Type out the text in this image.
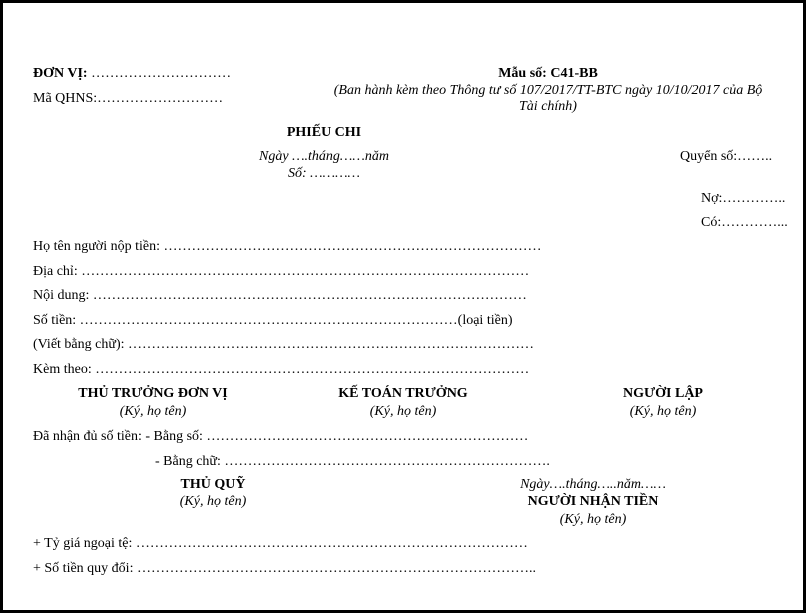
ĐƠN VỊ: …………………………
Mã QHNS:………………………
Mẫu số: C41-BB
(Ban hành kèm theo Thông tư số 107/2017/TT-BTC ngày 10/10/2017 của Bộ
Tài chính)
PHIẾU CHI
Ngày ….tháng……năm
Số: …………
Quyển số:……..
Nợ:…………..
Có:…………...
Họ tên người nộp tiền: ………………………………………………………………………
Địa chỉ: ……………………………………………………………………………………
Nội dung: …………………………………………………………………………………
Số tiền: ………………………………………………………………………(loại tiền)
(Viết bằng chữ): ……………………………………………………………………………
Kèm theo: …………………………………………………………………………………
THỦ TRƯỞNG ĐƠN VỊ
(Ký, họ tên)
KẾ TOÁN TRƯỞNG
(Ký, họ tên)
NGƯỜI LẬP
(Ký, họ tên)
Đã nhận đủ số tiền: - Bằng số: ……………………………………………………………
- Bằng chữ: …………………………………………………………….
THỦ QUỸ
(Ký, họ tên)
Ngày….tháng…..năm……
NGƯỜI NHẬN TIỀN
(Ký, họ tên)
+ Tỷ giá ngoại tệ: …………………………………………………………………………
+ Số tiền quy đổi: …………………………………………………………………………..
